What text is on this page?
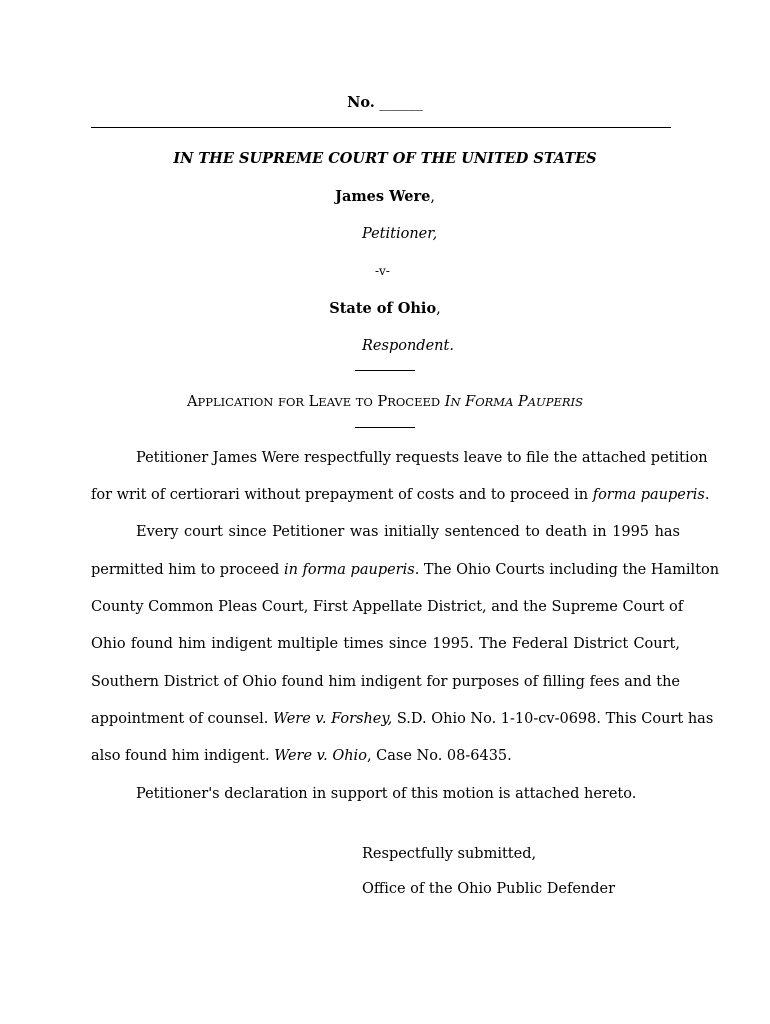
No. ______
IN THE SUPREME COURT OF THE UNITED STATES
James Were,
Petitioner,
-v-
State of Ohio,
Respondent.
APPLICATION FOR LEAVE TO PROCEED IN FORMA PAUPERIS
Petitioner James Were respectfully requests leave to file the attached petition
for writ of certiorari without prepayment of costs and to proceed in forma pauperis.
Every court since Petitioner was initially sentenced to death in 1995 has
permitted him to proceed in forma pauperis. The Ohio Courts including the Hamilton
County Common Pleas Court, First Appellate District, and the Supreme Court of
Ohio found him indigent multiple times since 1995. The Federal District Court,
Southern District of Ohio found him indigent for purposes of filling fees and the
appointment of counsel. Were v. Forshey, S.D. Ohio No. 1-10-cv-0698. This Court has
also found him indigent. Were v. Ohio, Case No. 08-6435.
Petitioner's declaration in support of this motion is attached hereto.
Respectfully submitted,
Office of the Ohio Public Defender
